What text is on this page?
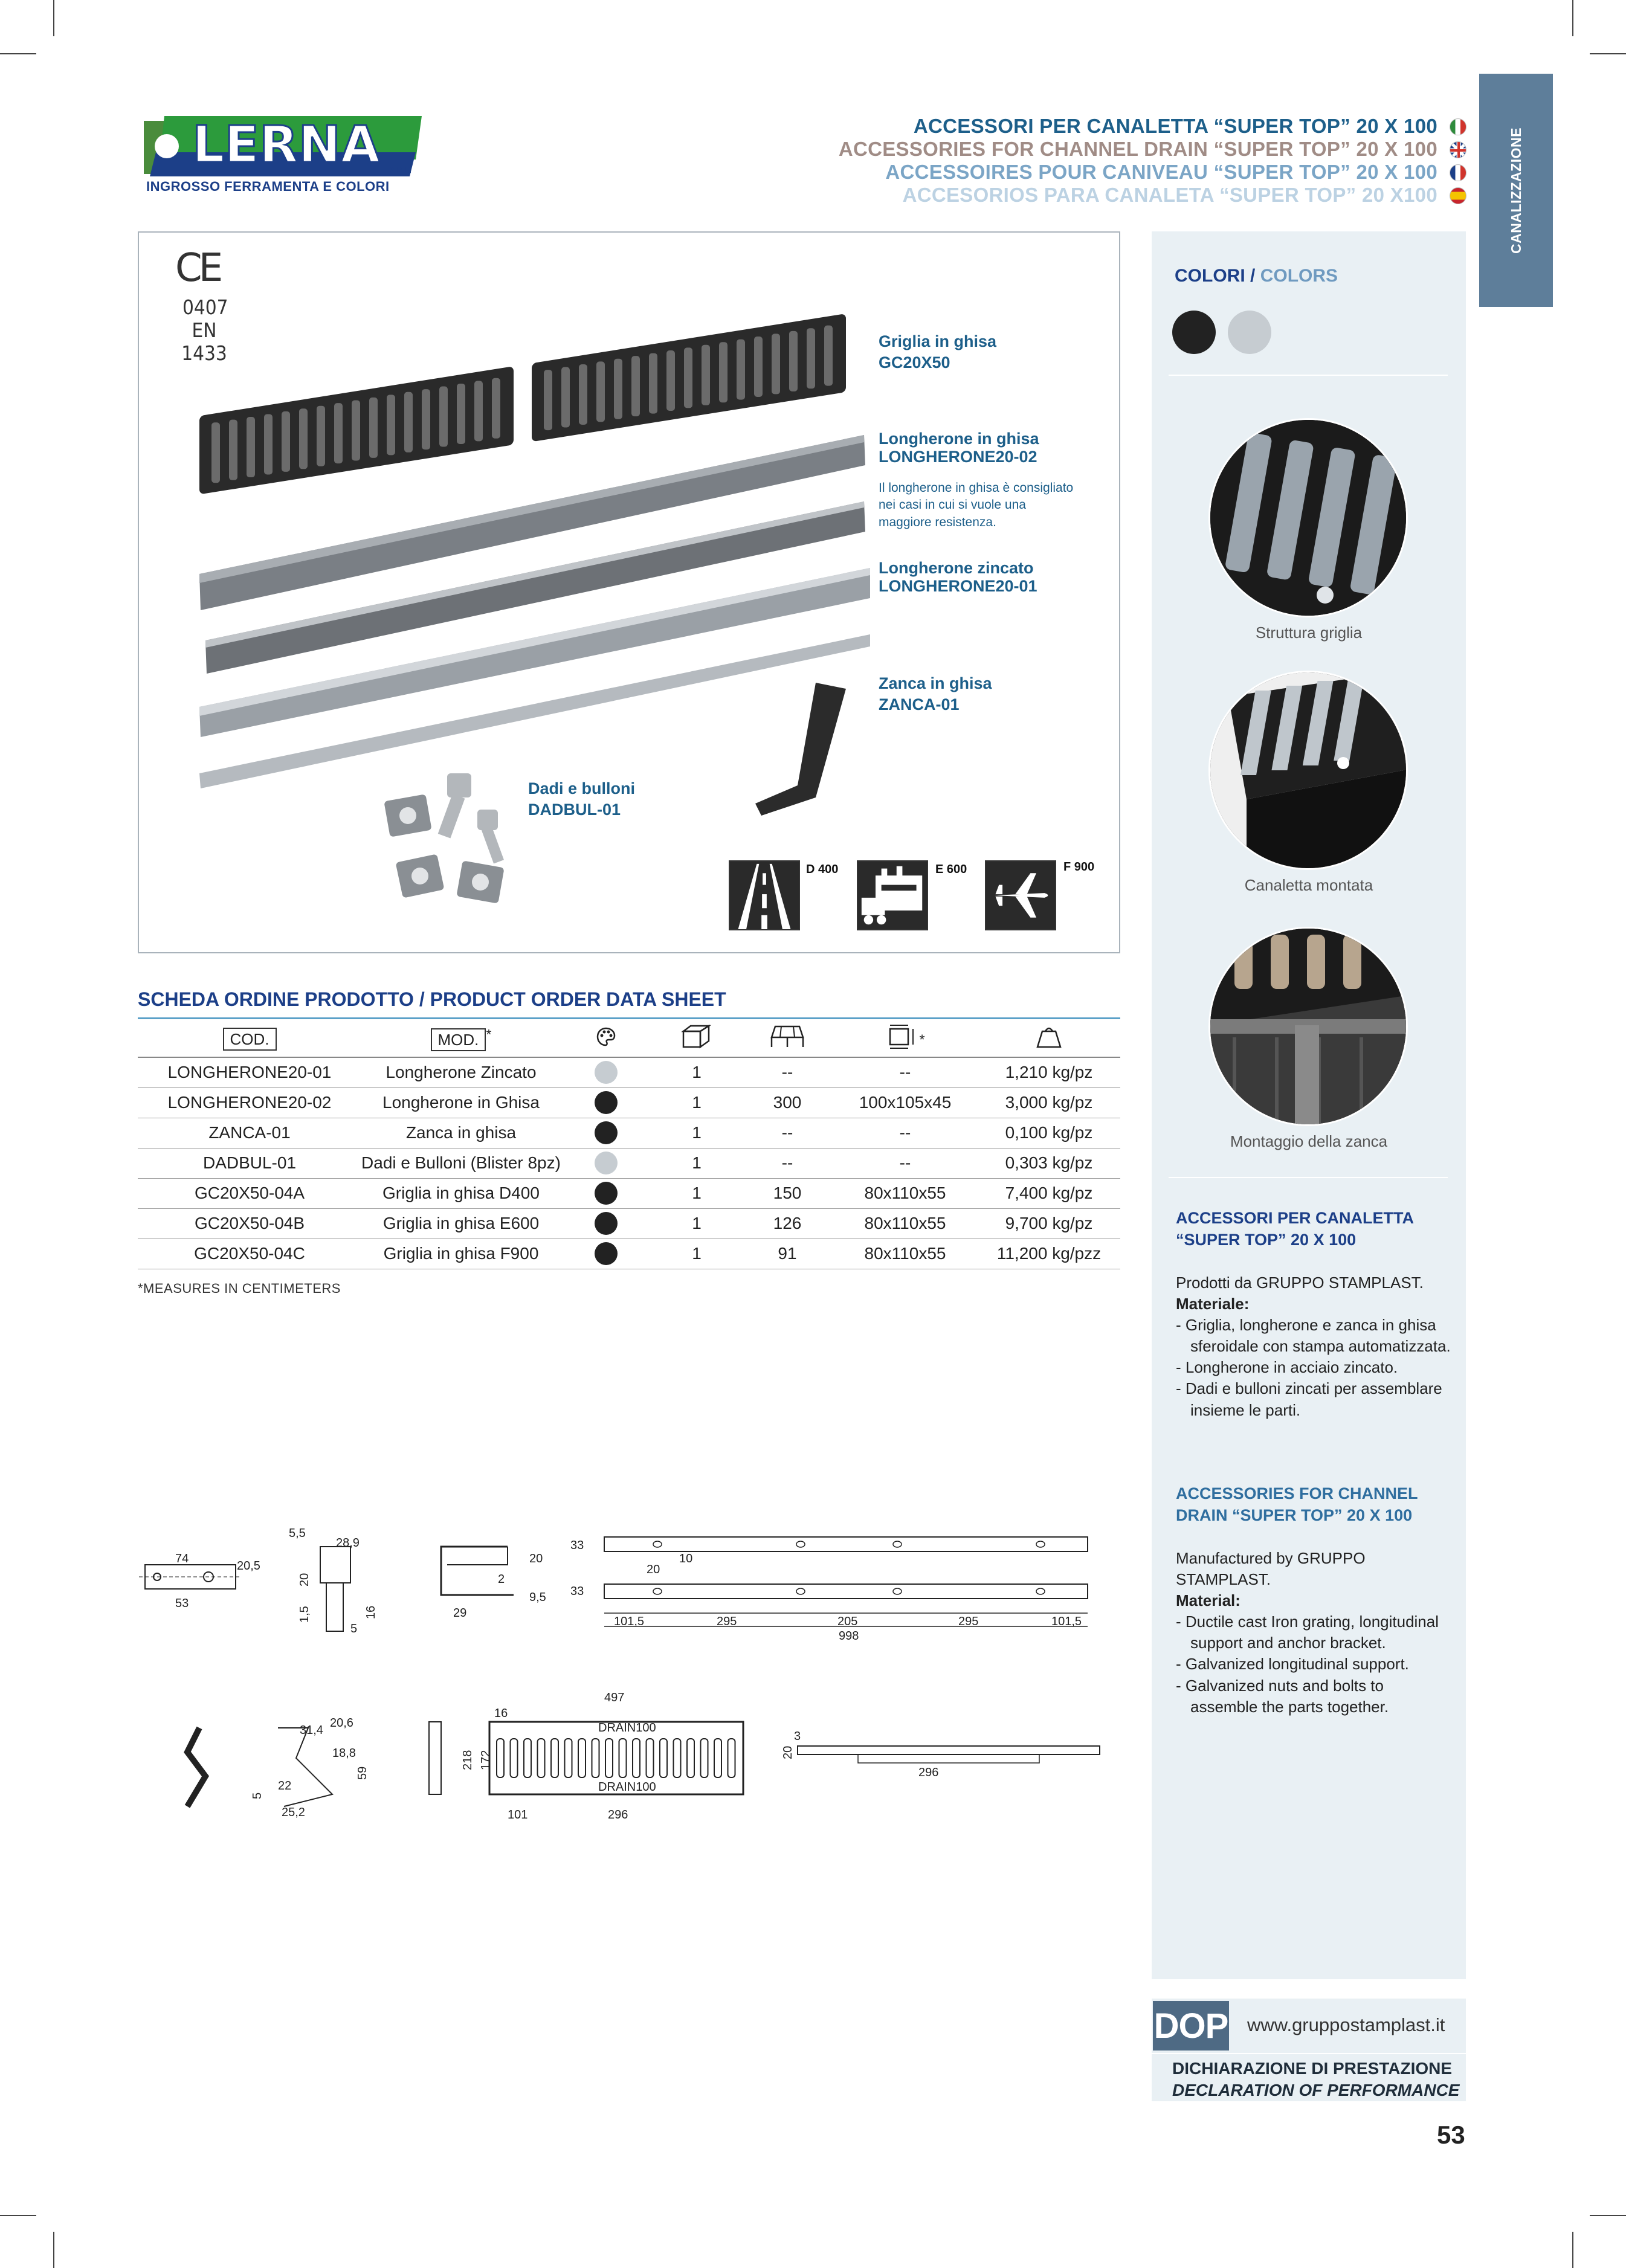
LERNA S.R.L.
INGROSSO FERRAMENTA E COLORI
ACCESSORI PER CANALETTA “SUPER TOP” 20 X 100
ACCESSORIES FOR CHANNEL DRAIN “SUPER TOP” 20 X 100
ACCESSOIRES POUR CANIVEAU “SUPER TOP” 20 X 100
ACCESORIOS PARA CANALETA “SUPER TOP” 20 X100	CANALIZZAZIONE
CE
0407
EN 1433	Griglia in ghisa
GC20X50
Longherone in ghisa
LONGHERONE20-02
Il longherone in ghisa è consigliato nei casi in cui si vuole una maggiore resistenza.
Longherone zincato
LONGHERONE20-01
Zanca in ghisa
ZANCA-01
Dadi e bulloni
DADBUL-01
D 400	E 600	F 900
COLORI / COLORS
Struttura griglia
Canaletta montata
Montaggio della zanca
ACCESSORI PER CANALETTA
“SUPER TOP” 20 X 100
Prodotti da GRUPPO STAMPLAST.
Materiale:
- Griglia, longherone e zanca in ghisa sferoidale con stampa automatizzata.
- Longherone in acciaio zincato.
- Dadi e bulloni zincati per assemblare insieme le parti.
ACCESSORIES FOR CHANNEL
DRAIN “SUPER TOP” 20 X 100
Manufactured by GRUPPO STAMPLAST.
Material:
- Ductile cast Iron grating, longitudinal support and anchor bracket.
- Galvanized longitudinal support.
- Galvanized nuts and bolts to assemble the parts together.
DOP www.gruppostamplast.it
DICHIARAZIONE DI PRESTAZIONE
DECLARATION OF PERFORMANCE
53
SCHEDA ORDINE PRODOTTO / PRODUCT ORDER DATA SHEET
COD.	MOD. *				*	
LONGHERONE20-01	Longherone Zincato		1	--	--	1,210 kg/pz
LONGHERONE20-02	Longherone in Ghisa		1	300	100x105x45	3,000 kg/pz
ZANCA-01	Zanca in ghisa		1	--	--	0,100 kg/pz
DADBUL-01	Dadi e Bulloni (Blister 8pz)		1	--	--	0,303 kg/pz
GC20X50-04A	Griglia in ghisa D400		1	150	80x110x55	7,400 kg/pz
GC20X50-04B	Griglia in ghisa E600		1	126	80x110x55	9,700 kg/pz
GC20X50-04C	Griglia in ghisa F900		1	91	80x110x55	11,200 kg/pzz
*MEASURES IN CENTIMETERS
74
20,5
53
5,5
28,9
20
1,5	16
5
20
2
9,5
29
33
10
20
33
101,5	295	205	295	101,5
998
31,4
20,6
18,8
59
22
5
25,2
497
16
218 172
101	296
DRAIN100
DRAIN100
3
20
296
